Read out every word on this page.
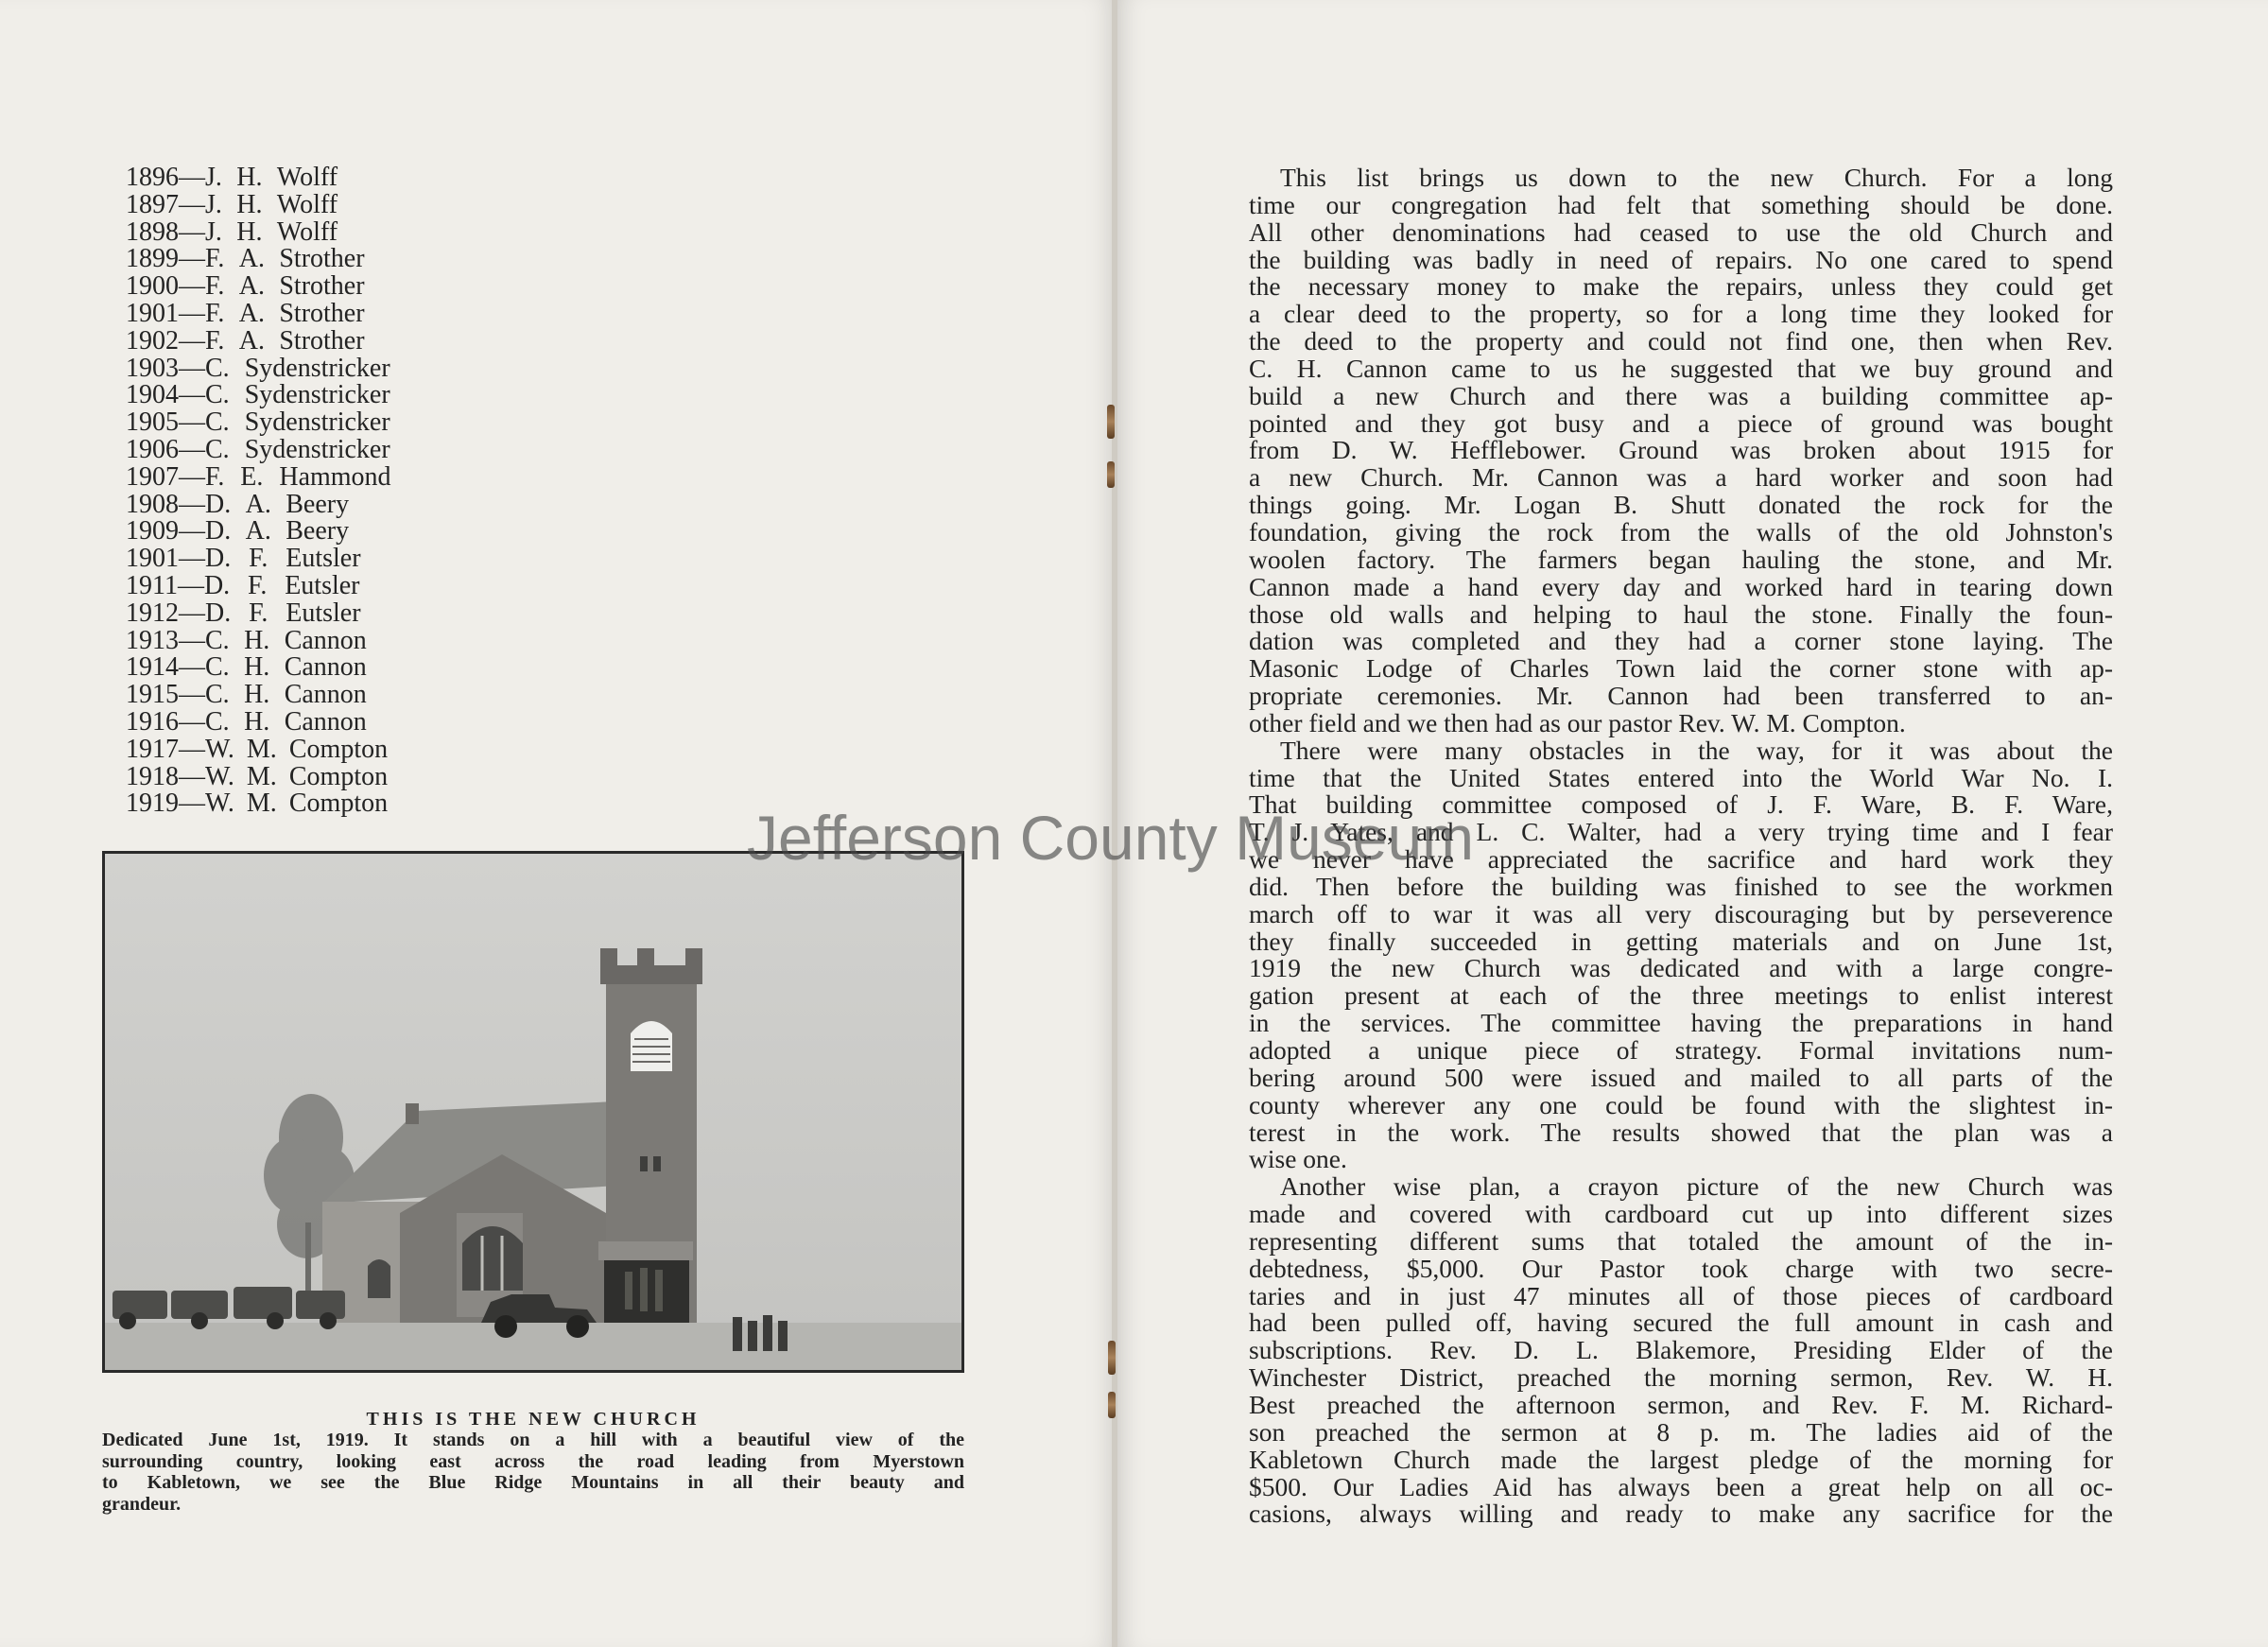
1896—J. H. Wolff
1897—J. H. Wolff
1898—J. H. Wolff
1899—F. A. Strother
1900—F. A. Strother
1901—F. A. Strother
1902—F. A. Strother
1903—C. Sydenstricker
1904—C. Sydenstricker
1905—C. Sydenstricker
1906—C. Sydenstricker
1907—F. E. Hammond
1908—D. A. Beery
1909—D. A. Beery
1901—D. F. Eutsler
1911—D. F. Eutsler
1912—D. F. Eutsler
1913—C. H. Cannon
1914—C. H. Cannon
1915—C. H. Cannon
1916—C. H. Cannon
1917—W. M. Compton
1918—W. M. Compton
1919—W. M. Compton
THIS IS THE NEW CHURCH
Dedicated June 1st, 1919. It stands on a hill with a beautiful view of the
surrounding country, looking east across the road leading from Myerstown
to Kabletown, we see the Blue Ridge Mountains in all their beauty and
grandeur.
This list brings us down to the new Church. For a long
time our congregation had felt that something should be done.
All other denominations had ceased to use the old Church and
the building was badly in need of repairs. No one cared to spend
the necessary money to make the repairs, unless they could get
a clear deed to the property, so for a long time they looked for
the deed to the property and could not find one, then when Rev.
C. H. Cannon came to us he suggested that we buy ground and
build a new Church and there was a building committee ap-
pointed and they got busy and a piece of ground was bought
from D. W. Hefflebower. Ground was broken about 1915 for
a new Church. Mr. Cannon was a hard worker and soon had
things going. Mr. Logan B. Shutt donated the rock for the
foundation, giving the rock from the walls of the old Johnston's
woolen factory. The farmers began hauling the stone, and Mr.
Cannon made a hand every day and worked hard in tearing down
those old walls and helping to haul the stone. Finally the foun-
dation was completed and they had a corner stone laying. The
Masonic Lodge of Charles Town laid the corner stone with ap-
propriate ceremonies. Mr. Cannon had been transferred to an-
other field and we then had as our pastor Rev. W. M. Compton.
There were many obstacles in the way, for it was about the
time that the United States entered into the World War No. I.
That building committee composed of J. F. Ware, B. F. Ware,
T. J. Yates, and L. C. Walter, had a very trying time and I fear
we never have appreciated the sacrifice and hard work they
did. Then before the building was finished to see the workmen
march off to war it was all very discouraging but by perseverence
they finally succeeded in getting materials and on June 1st,
1919 the new Church was dedicated and with a large congre-
gation present at each of the three meetings to enlist interest
in the services. The committee having the preparations in hand
adopted a unique piece of strategy. Formal invitations num-
bering around 500 were issued and mailed to all parts of the
county wherever any one could be found with the slightest in-
terest in the work. The results showed that the plan was a
wise one.
Another wise plan, a crayon picture of the new Church was
made and covered with cardboard cut up into different sizes
representing different sums that totaled the amount of the in-
debtedness, $5,000. Our Pastor took charge with two secre-
taries and in just 47 minutes all of those pieces of cardboard
had been pulled off, having secured the full amount in cash and
subscriptions. Rev. D. L. Blakemore, Presiding Elder of the
Winchester District, preached the morning sermon, Rev. W. H.
Best preached the afternoon sermon, and Rev. F. M. Richard-
son preached the sermon at 8 p. m. The ladies aid of the
Kabletown Church made the largest pledge of the morning for
$500. Our Ladies Aid has always been a great help on all oc-
casions, always willing and ready to make any sacrifice for the
Jefferson County Museum
